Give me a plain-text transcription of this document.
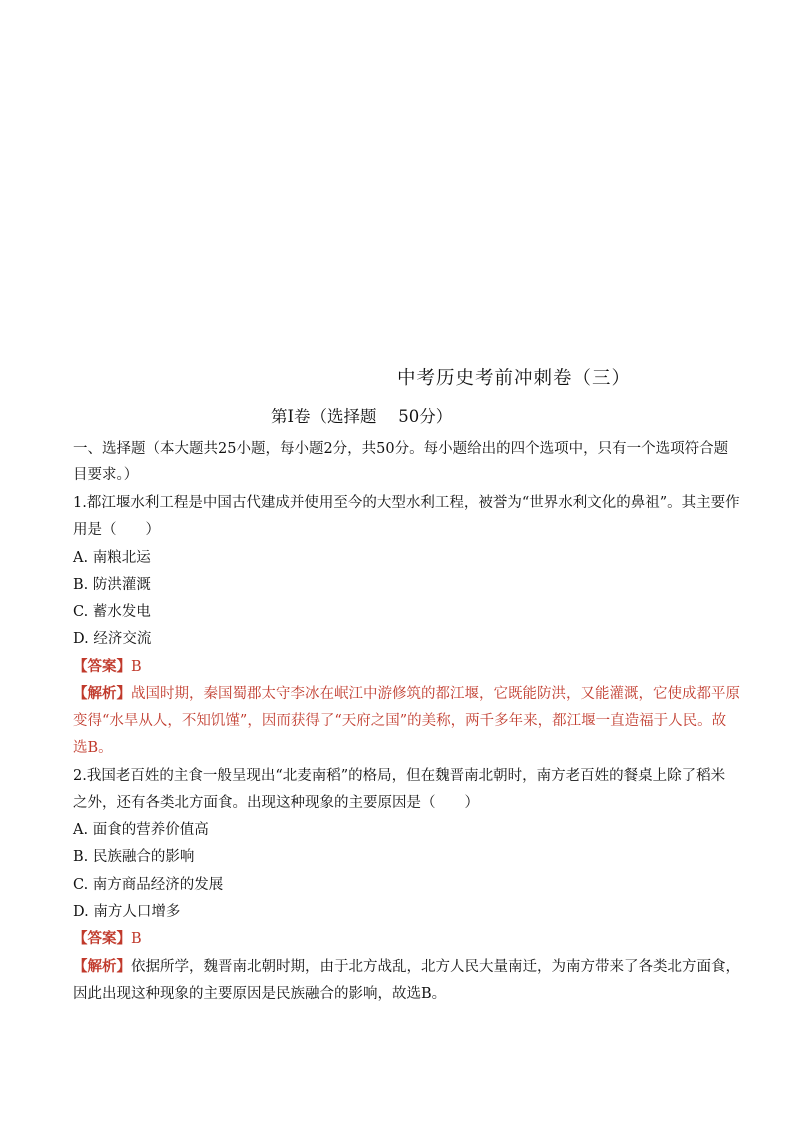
中考历史考前冲刺卷（三）
第Ⅰ卷（选择题　 50分）
一、选择题（本大题共25小题，每小题2分，共50分。每小题给出的四个选项中，只有一个选项符合题
目要求。）
1.都江堰水利工程是中国古代建成并使用至今的大型水利工程，被誉为“世界水利文化的鼻祖”。其主要作
用是（　　）
A. 南粮北运
B. 防洪灌溉
C. 蓄水发电
D. 经济交流
【答案】B
【解析】战国时期，秦国蜀郡太守李冰在岷江中游修筑的都江堰，它既能防洪，又能灌溉，它使成都平原
变得“水旱从人，不知饥馑”，因而获得了“天府之国”的美称，两千多年来，都江堰一直造福于人民。故
选B。
2.我国老百姓的主食一般呈现出“北麦南稻”的格局，但在魏晋南北朝时，南方老百姓的餐桌上除了稻米
之外，还有各类北方面食。出现这种现象的主要原因是（　　）
A. 面食的营养价值高
B. 民族融合的影响
C. 南方商品经济的发展
D. 南方人口增多
【答案】B
【解析】依据所学，魏晋南北朝时期，由于北方战乱，北方人民大量南迁，为南方带来了各类北方面食，
因此出现这种现象的主要原因是民族融合的影响，故选B。
